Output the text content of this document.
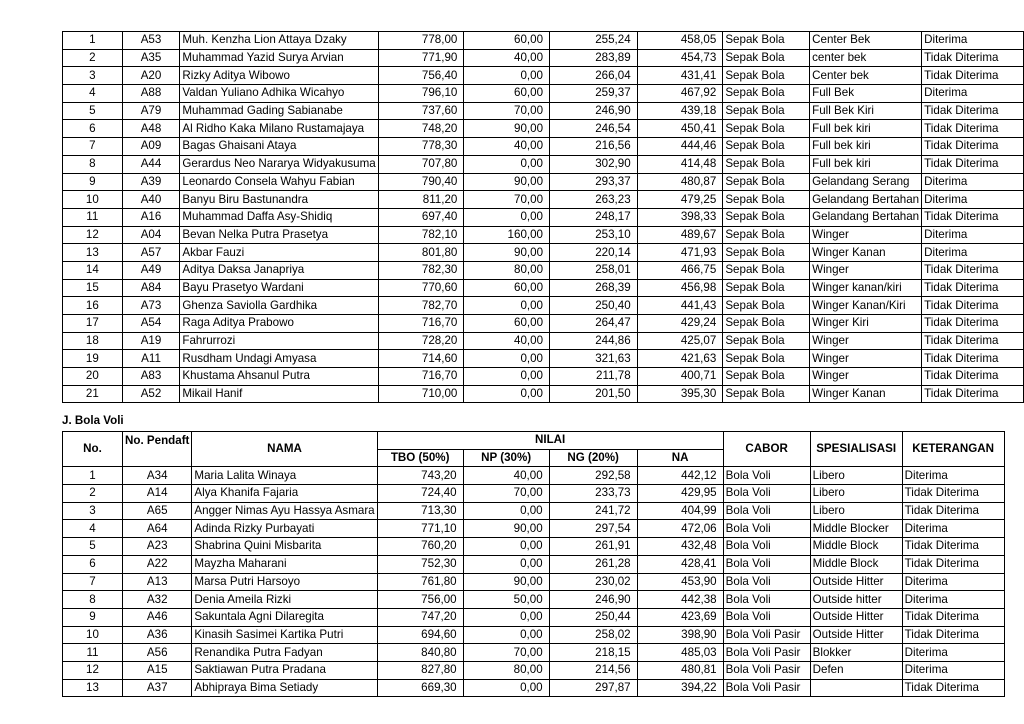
1	A53	Muh. Kenzha Lion Attaya Dzaky	778,00	60,00	255,24	458,05	Sepak Bola	Center Bek	Diterima
2	A35	Muhammad Yazid Surya Arvian	771,90	40,00	283,89	454,73	Sepak Bola	center bek	Tidak Diterima
3	A20	Rizky Aditya Wibowo	756,40	0,00	266,04	431,41	Sepak Bola	Center bek	Tidak Diterima
4	A88	Valdan Yuliano Adhika Wicahyo	796,10	60,00	259,37	467,92	Sepak Bola	Full Bek	Diterima
5	A79	Muhammad Gading Sabianabe	737,60	70,00	246,90	439,18	Sepak Bola	Full Bek Kiri	Tidak Diterima
6	A48	Al Ridho Kaka Milano Rustamajaya	748,20	90,00	246,54	450,41	Sepak Bola	Full bek kiri	Tidak Diterima
7	A09	Bagas Ghaisani Ataya	778,30	40,00	216,56	444,46	Sepak Bola	Full bek kiri	Tidak Diterima
8	A44	Gerardus Neo Nararya Widyakusuma	707,80	0,00	302,90	414,48	Sepak Bola	Full bek kiri	Tidak Diterima
9	A39	Leonardo Consela Wahyu Fabian	790,40	90,00	293,37	480,87	Sepak Bola	Gelandang Serang	Diterima
10	A40	Banyu Biru Bastunandra	811,20	70,00	263,23	479,25	Sepak Bola	Gelandang Bertahan	Diterima
11	A16	Muhammad Daffa Asy-Shidiq	697,40	0,00	248,17	398,33	Sepak Bola	Gelandang Bertahan	Tidak Diterima
12	A04	Bevan Nelka Putra Prasetya	782,10	160,00	253,10	489,67	Sepak Bola	Winger	Diterima
13	A57	Akbar Fauzi	801,80	90,00	220,14	471,93	Sepak Bola	Winger Kanan	Diterima
14	A49	Aditya Daksa Janapriya	782,30	80,00	258,01	466,75	Sepak Bola	Winger	Tidak Diterima
15	A84	Bayu Prasetyo Wardani	770,60	60,00	268,39	456,98	Sepak Bola	Winger kanan/kiri	Tidak Diterima
16	A73	Ghenza Saviolla Gardhika	782,70	0,00	250,40	441,43	Sepak Bola	Winger Kanan/Kiri	Tidak Diterima
17	A54	Raga Aditya Prabowo	716,70	60,00	264,47	429,24	Sepak Bola	Winger Kiri	Tidak Diterima
18	A19	Fahrurrozi	728,20	40,00	244,86	425,07	Sepak Bola	Winger	Tidak Diterima
19	A11	Rusdham Undagi Amyasa	714,60	0,00	321,63	421,63	Sepak Bola	Winger	Tidak Diterima
20	A83	Khustama Ahsanul Putra	716,70	0,00	211,78	400,71	Sepak Bola	Winger	Tidak Diterima
21	A52	Mikail Hanif	710,00	0,00	201,50	395,30	Sepak Bola	Winger Kanan	Tidak Diterima
J. Bola Voli
No.	No. Pendaft	NAMA	NILAI				CABOR	SPESIALISASI	KETERANGAN
			TBO (50%)	NP (30%)	NG (20%)	NA			
1	A34	Maria Lalita Winaya	743,20	40,00	292,58	442,12	Bola Voli	Libero	Diterima
2	A14	Alya Khanifa Fajaria	724,40	70,00	233,73	429,95	Bola Voli	Libero	Tidak Diterima
3	A65	Angger Nimas Ayu Hassya Asmara	713,30	0,00	241,72	404,99	Bola Voli	Libero	Tidak Diterima
4	A64	Adinda Rizky Purbayati	771,10	90,00	297,54	472,06	Bola Voli	Middle Blocker	Diterima
5	A23	Shabrina Quini Misbarita	760,20	0,00	261,91	432,48	Bola Voli	Middle Block	Tidak Diterima
6	A22	Mayzha Maharani	752,30	0,00	261,28	428,41	Bola Voli	Middle Block	Tidak Diterima
7	A13	Marsa Putri Harsoyo	761,80	90,00	230,02	453,90	Bola Voli	Outside Hitter	Diterima
8	A32	Denia Ameila Rizki	756,00	50,00	246,90	442,38	Bola Voli	Outside hitter	Diterima
9	A46	Sakuntala Agni Dilaregita	747,20	0,00	250,44	423,69	Bola Voli	Outside Hitter	Tidak Diterima
10	A36	Kinasih Sasimei Kartika Putri	694,60	0,00	258,02	398,90	Bola Voli Pasir	Outside Hitter	Tidak Diterima
11	A56	Renandika Putra Fadyan	840,80	70,00	218,15	485,03	Bola Voli Pasir	Blokker	Diterima
12	A15	Saktiawan Putra Pradana	827,80	80,00	214,56	480,81	Bola Voli Pasir	Defen	Diterima
13	A37	Abhipraya Bima Setiady	669,30	0,00	297,87	394,22	Bola Voli Pasir		Tidak Diterima
